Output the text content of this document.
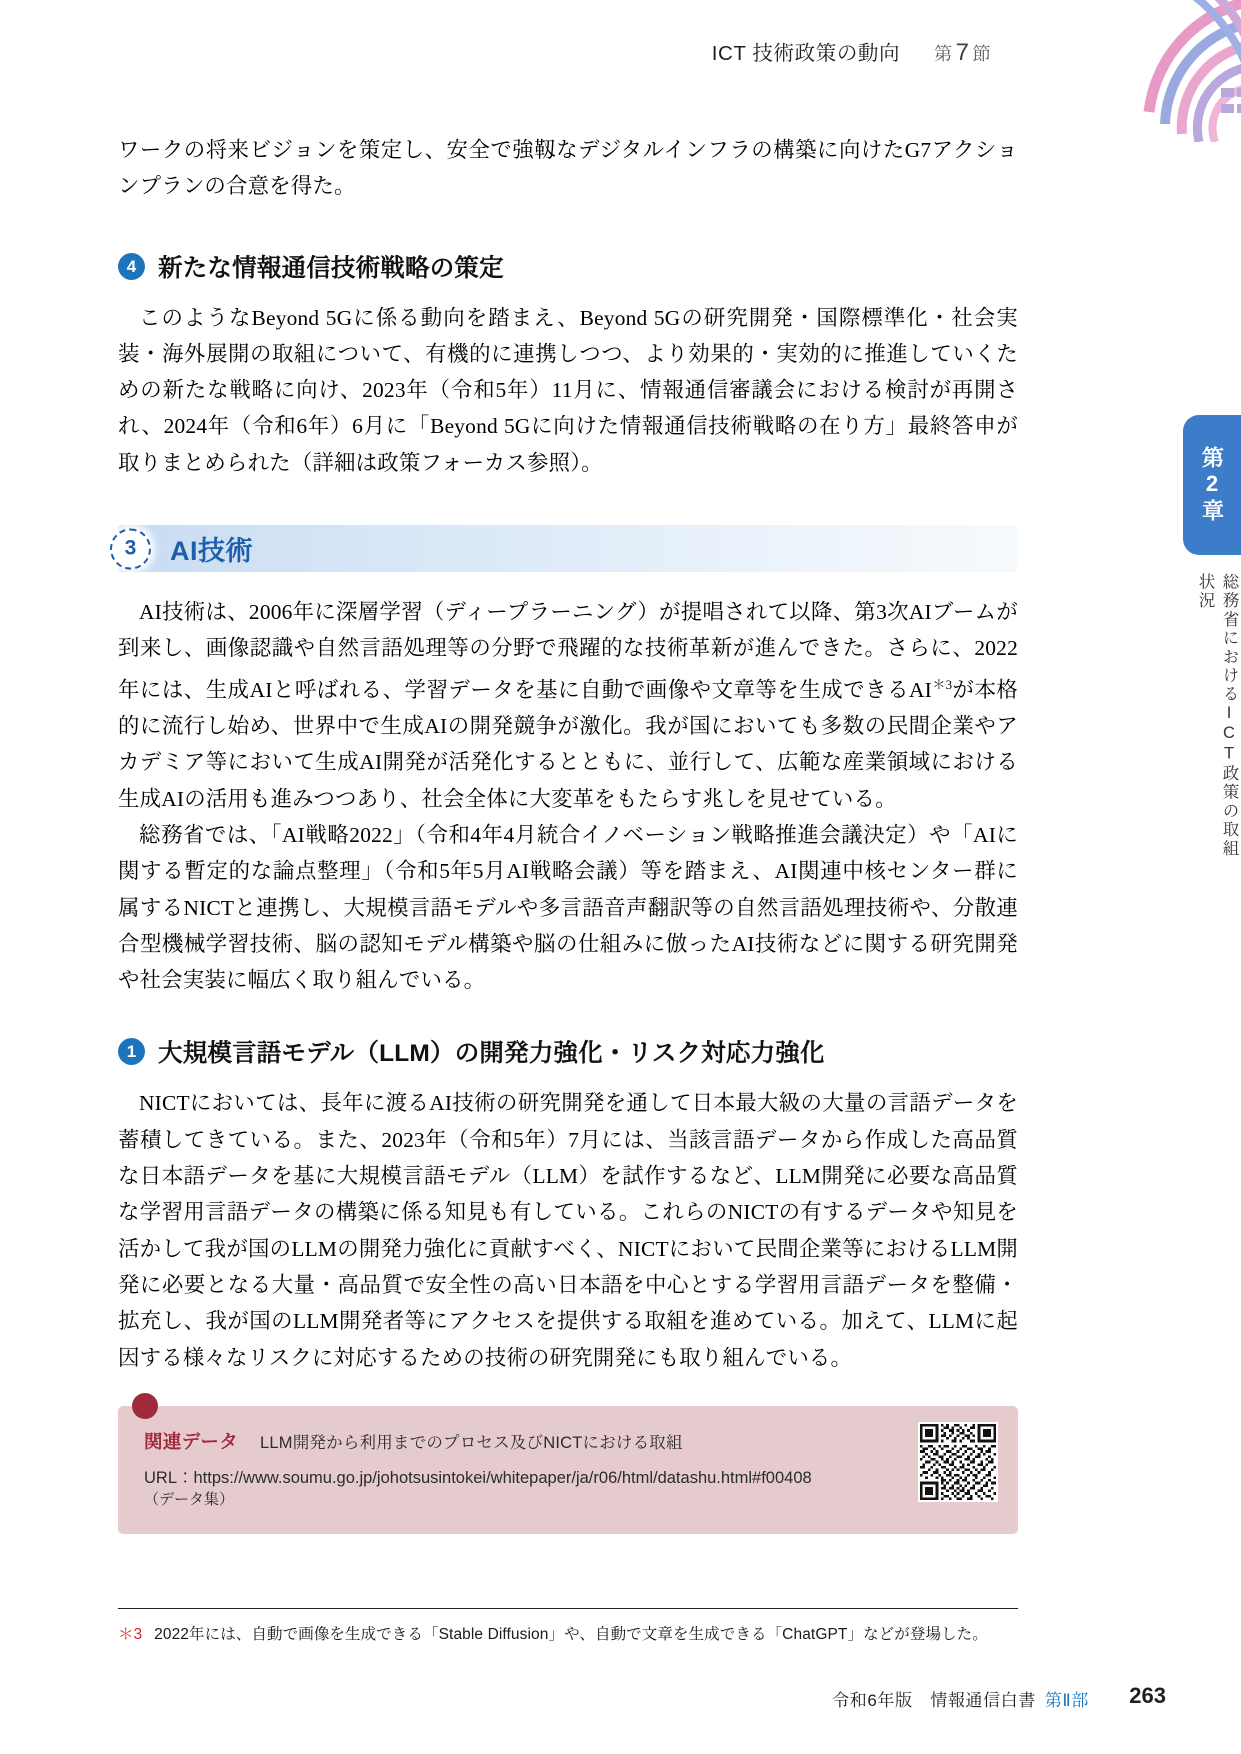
ICT 技術政策の動向 第 7 節
第2章
総務省におけるICT政策の取組状況

ワークの将来ビジョンを策定し、安全で強靱なデジタルインフラの構築に向けたG7アクションプランの合意を得た。

4 新たな情報通信技術戦略の策定

このようなBeyond 5Gに係る動向を踏まえ、Beyond 5Gの研究開発・国際標準化・社会実装・海外展開の取組について、有機的に連携しつつ、より効果的・実効的に推進していくための新たな戦略に向け、2023年（令和5年）11月に、情報通信審議会における検討が再開され、2024年（令和6年）6月に「Beyond 5Gに向けた情報通信技術戦略の在り方」最終答申が取りまとめられた（詳細は政策フォーカス参照）。

3	AI技術

AI技術は、2006年に深層学習（ディープラーニング）が提唱されて以降、第3次AIブームが到来し、画像認識や自然言語処理等の分野で飛躍的な技術革新が進んできた。さらに、2022年には、生成AIと呼ばれる、学習データを基に自動で画像や文章等を生成できるAI$^{*3}$が本格的に流行し始め、世界中で生成AIの開発競争が激化。我が国においても多数の民間企業やアカデミア等において生成AI開発が活発化するとともに、並行して、広範な産業領域における生成AIの活用も進みつつあり、社会全体に大変革をもたらす兆しを見せている。

総務省では、「AI戦略2022」（令和4年4月統合イノベーション戦略推進会議決定）や「AIに関する暫定的な論点整理」（令和5年5月AI戦略会議）等を踏まえ、AI関連中核センター群に属するNICTと連携し、大規模言語モデルや多言語音声翻訳等の自然言語処理技術や、分散連合型機械学習技術、脳の認知モデル構築や脳の仕組みに倣ったAI技術などに関する研究開発や社会実装に幅広く取り組んでいる。

1 大規模言語モデル（LLM）の開発力強化・リスク対応力強化

NICTにおいては、長年に渡るAI技術の研究開発を通して日本最大級の大量の言語データを蓄積してきている。また、2023年（令和5年）7月には、当該言語データから作成した高品質な日本語データを基に大規模言語モデル（LLM）を試作するなど、LLM開発に必要な高品質な学習用言語データの構築に係る知見も有している。これらのNICTの有するデータや知見を活かして我が国のLLMの開発力強化に貢献すべく、NICTにおいて民間企業等におけるLLM開発に必要となる大量・高品質で安全性の高い日本語を中心とする学習用言語データを整備・拡充し、我が国のLLM開発者等にアクセスを提供する取組を進めている。加えて、LLMに起因する様々なリスクに対応するための技術の研究開発にも取り組んでいる。

関連データ LLM開発から利用までのプロセス及びNICTにおける取組
URL：https://www.soumu.go.jp/johotsusintokei/whitepaper/ja/r06/html/datashu.html#f00408
（データ集）
＊3 2022年には、自動で画像を生成できる「Stable Diffusion」や、自動で文章を生成できる「ChatGPT」などが登場した。
令和6年版　情報通信白書 第Ⅱ部 263
